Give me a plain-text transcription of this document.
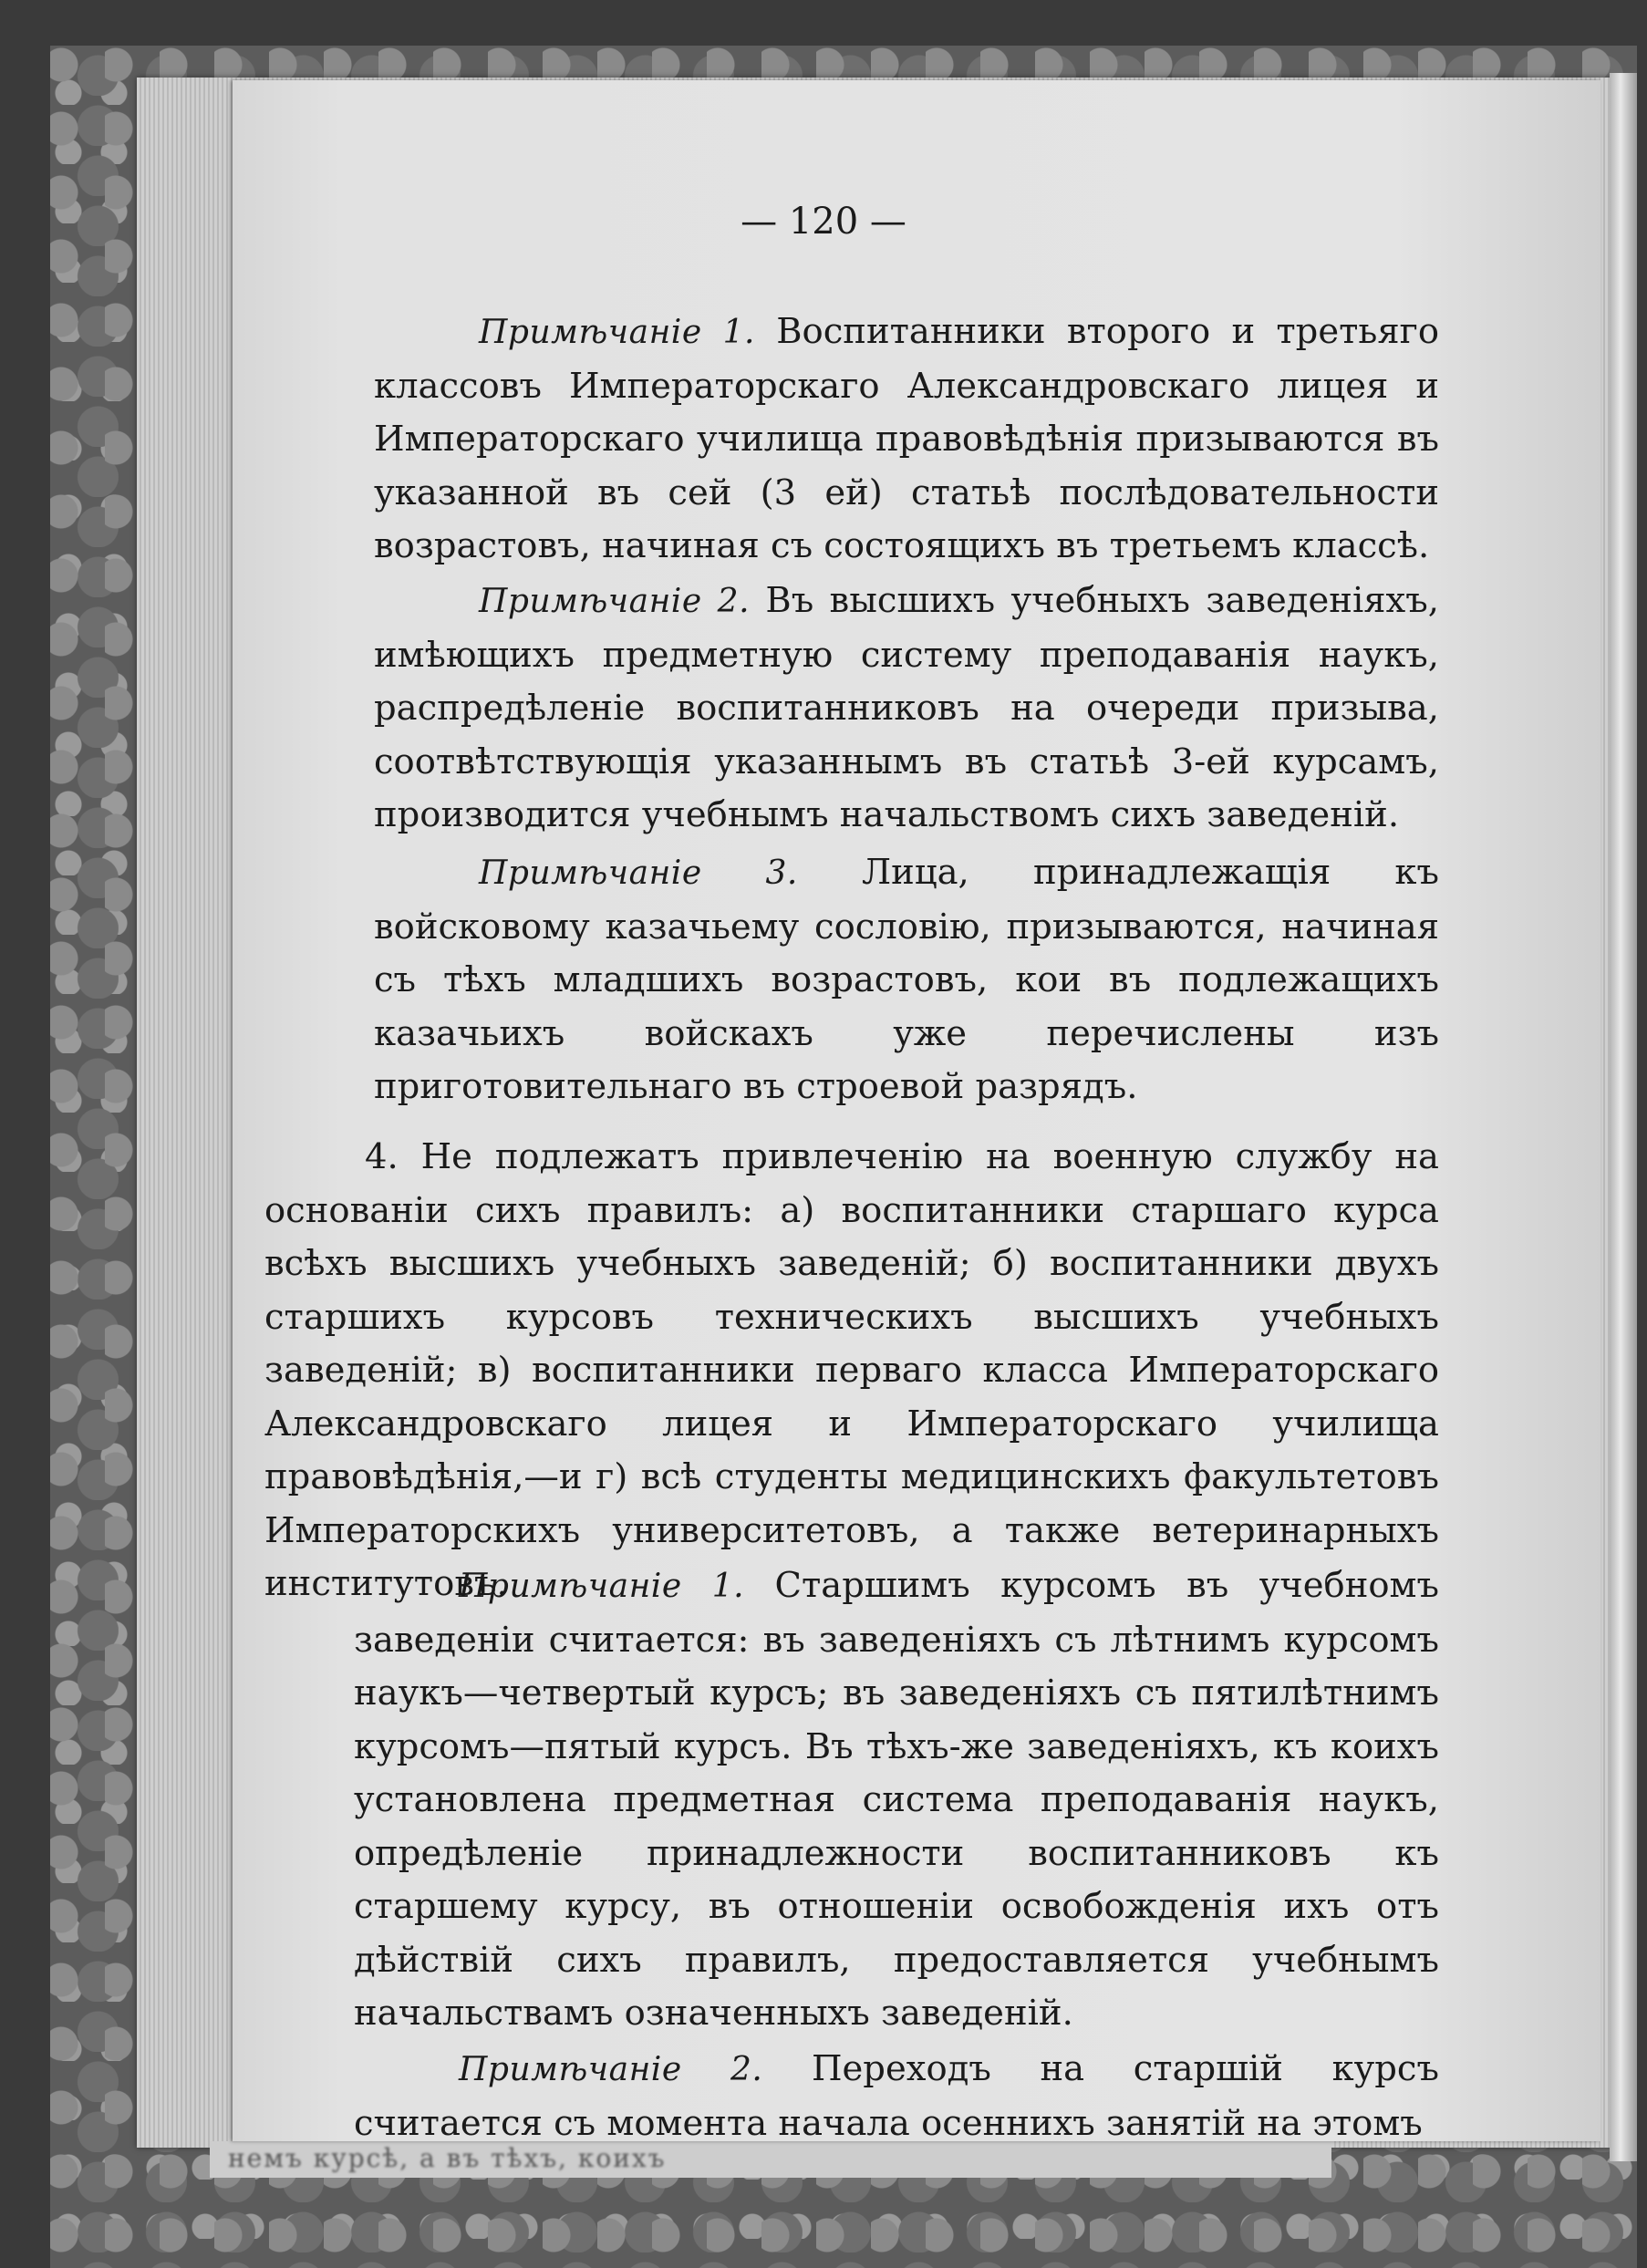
немъ курсѣ, а въ тѣхъ, коихъ
— 120 —

Примѣчаніе 1. Воспитанники второго и третьяго классовъ Императорскаго Александровскаго лицея и Императорскаго училища правовѣдѣнія призываются въ указанной въ сей (3 ей) статьѣ послѣдовательности возрастовъ, начиная съ состоящихъ въ третьемъ классѣ.

Примѣчаніе 2. Въ высшихъ учебныхъ заведеніяхъ, имѣющихъ предметную систему преподаванія наукъ, распредѣленіе воспитанниковъ на очереди призыва, соотвѣтствующія указаннымъ въ статьѣ 3-ей курсамъ, производится учебнымъ начальствомъ сихъ заведеній.

Примѣчаніе 3. Лица, принадлежащія къ войсковому казачьему сословію, призываются, начиная съ тѣхъ младшихъ возрастовъ, кои въ подлежащихъ казачьихъ войскахъ уже перечислены изъ приготовительнаго въ строевой разрядъ.

4. Не подлежатъ привлеченію на военную службу на основаніи сихъ правилъ: а) воспитанники старшаго курса всѣхъ высшихъ учебныхъ заведеній; б) воспитанники двухъ старшихъ курсовъ техническихъ высшихъ учебныхъ заведеній; в) воспитанники перваго класса Императорскаго Александровскаго лицея и Императорскаго училища правовѣдѣнія,—и г) всѣ студенты медицинскихъ факультетовъ Императорскихъ университетовъ, а также ветеринарныхъ институтовъ.

Примѣчаніе 1. Старшимъ курсомъ въ учебномъ заведеніи считается: въ заведеніяхъ съ лѣтнимъ курсомъ наукъ—четвертый курсъ; въ заведеніяхъ съ пятилѣтнимъ курсомъ—пятый курсъ. Въ тѣхъ-же заведеніяхъ, къ коихъ установлена предметная система преподаванія наукъ, опредѣленіе принадлежности воспитанниковъ къ старшему курсу, въ отношеніи освобожденія ихъ отъ дѣйствій сихъ правилъ, предоставляется учебнымъ начальствамъ означенныхъ заведеній.

Примѣчаніе 2. Переходъ на старшій курсъ считается съ момента начала осеннихъ занятій на этомъ
